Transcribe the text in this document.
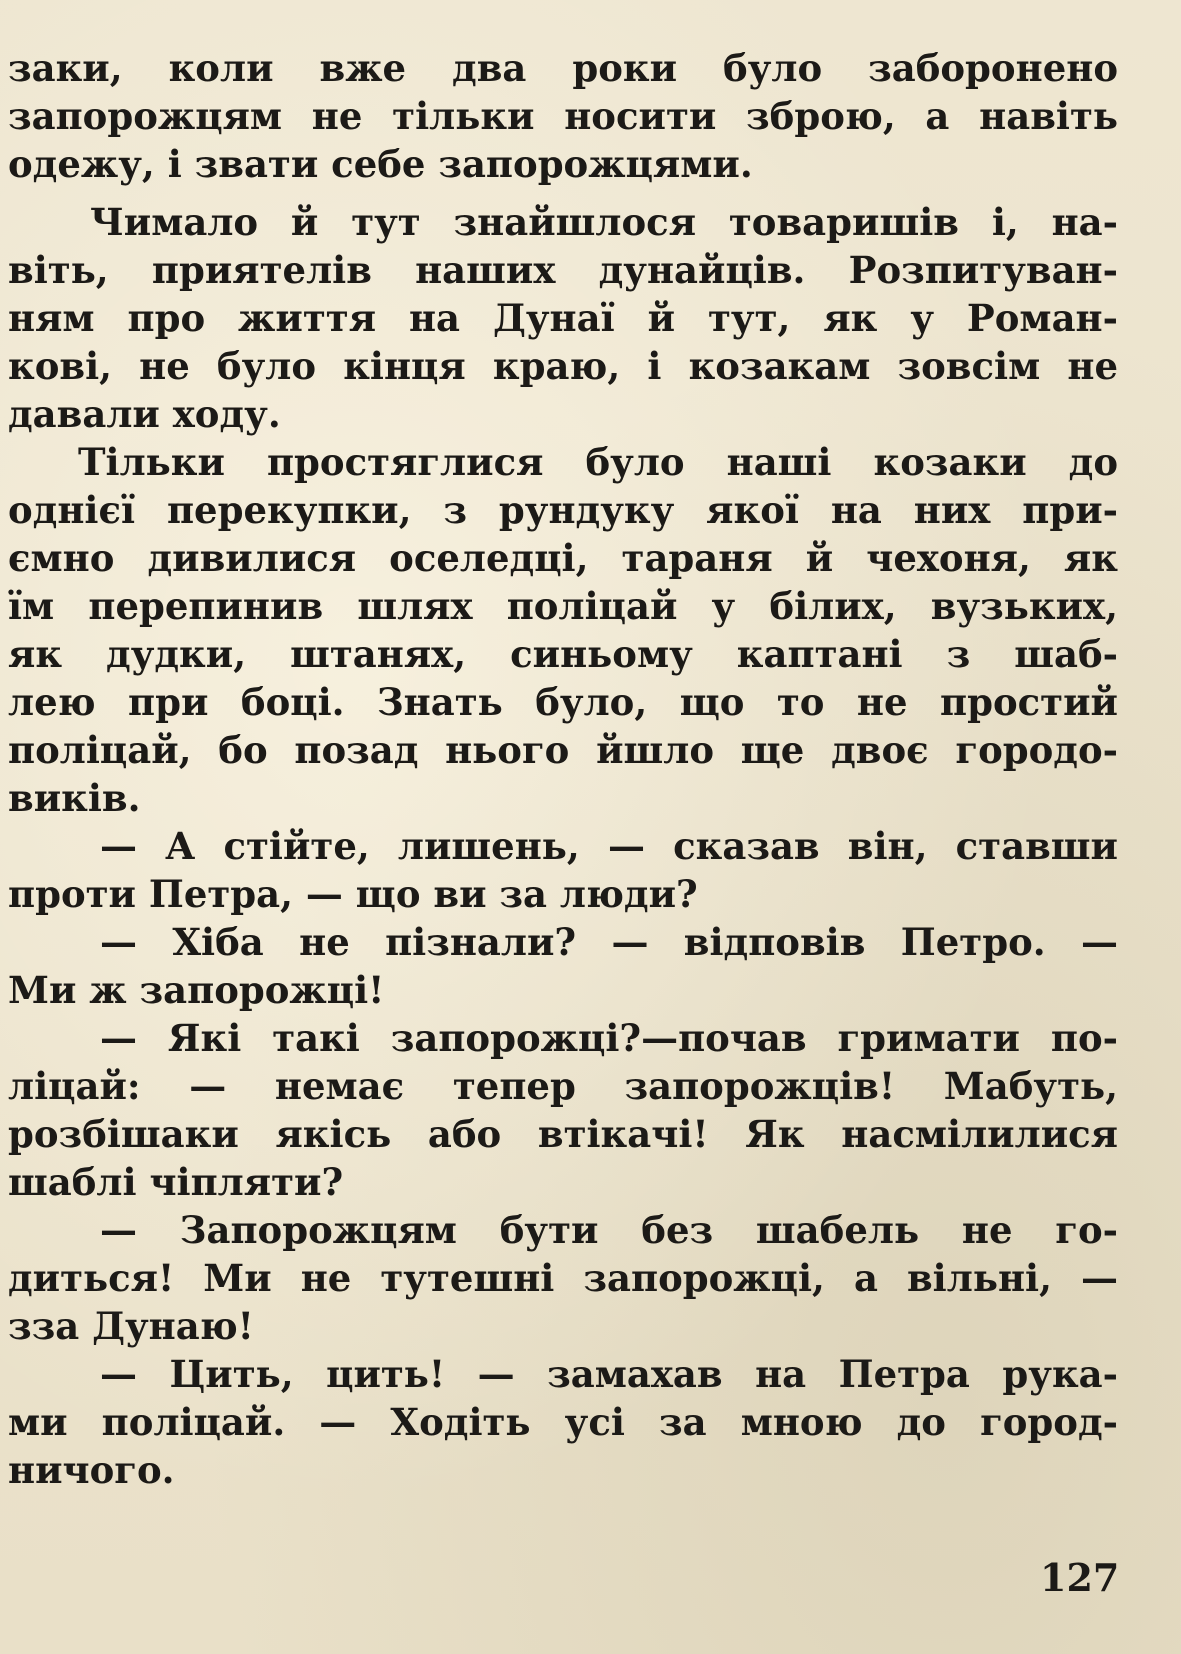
заки, коли вже два роки було заборонено
запорожцям не тільки носити зброю, а навіть
одежу, і звати себе запорожцями.
Чимало й тут знайшлося товаришів і, на-
віть, приятелів наших дунайців. Розпитуван-
ням про життя на Дунаї й тут, як у Роман-
кові, не було кінця краю, і козакам зовсім не
давали ходу.
Тільки простяглися було наші козаки до
однієї перекупки, з рундуку якої на них при-
ємно дивилися оселедці, тараня й чехоня, як
їм перепинив шлях поліцай у білих, вузьких,
як дудки, штанях, синьому каптані з шаб-
лею при боці. Знать було, що то не простий
поліцай, бо позад нього йшло ще двоє городо-
виків.
— А стійте, лишень, — сказав він, ставши
проти Петра, — що ви за люди?
— Хіба не пізнали? — відповів Петро. —
Ми ж запорожці!
— Які такі запорожці?—почав гримати по-
ліцай: — немає тепер запорожців! Мабуть,
розбішаки якісь або втікачі! Як насмілилися
шаблі чіпляти?
— Запорожцям бути без шабель не го-
диться! Ми не тутешні запорожці, а вільні, —
зза Дунаю!
— Цить, цить! — замахав на Петра рука-
ми поліцай. — Ходіть усі за мною до город-
ничого.
127
